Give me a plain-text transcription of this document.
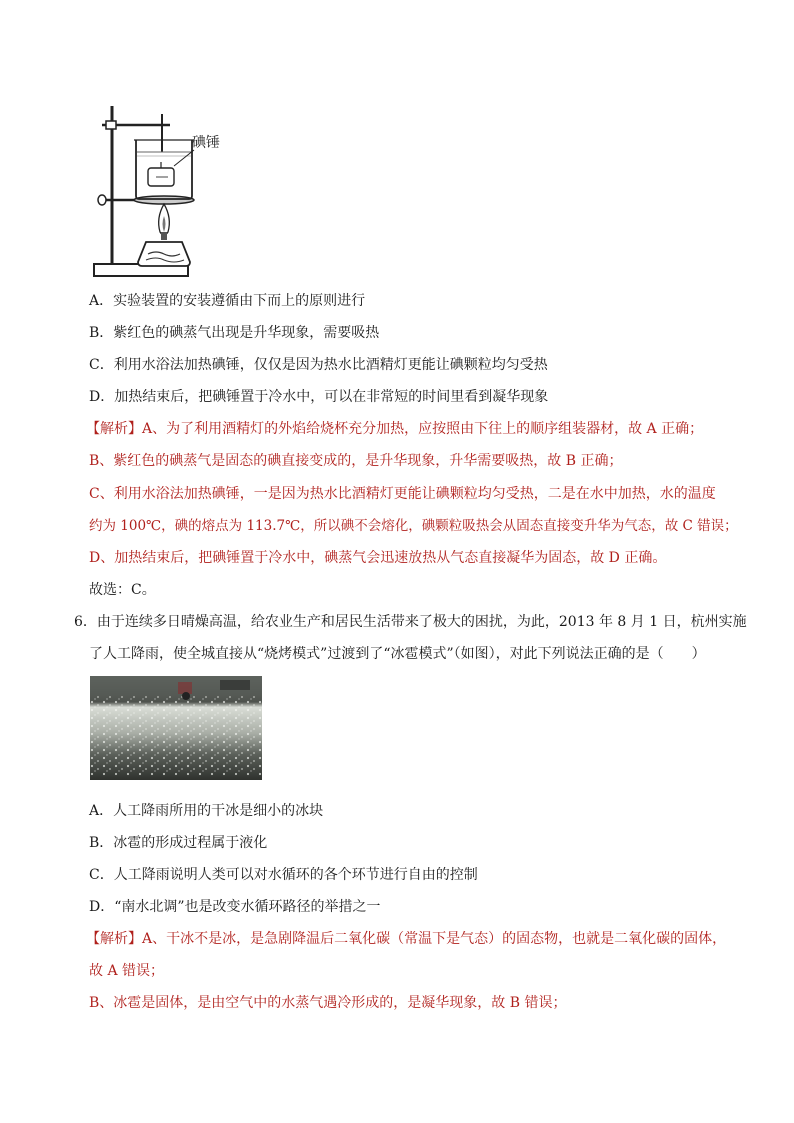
碘锤
A．实验装置的安装遵循由下而上的原则进行
B．紫红色的碘蒸气出现是升华现象，需要吸热
C．利用水浴法加热碘锤，仅仅是因为热水比酒精灯更能让碘颗粒均匀受热
D．加热结束后，把碘锤置于冷水中，可以在非常短的时间里看到凝华现象
【解析】A、为了利用酒精灯的外焰给烧杯充分加热，应按照由下往上的顺序组装器材，故 A 正确；
B、紫红色的碘蒸气是固态的碘直接变成的，是升华现象，升华需要吸热，故 B 正确；
C、利用水浴法加热碘锤，一是因为热水比酒精灯更能让碘颗粒均匀受热，二是在水中加热，水的温度
约为 100℃，碘的熔点为 113.7℃，所以碘不会熔化，碘颗粒吸热会从固态直接变升华为气态，故 C 错误；
D、加热结束后，把碘锤置于冷水中，碘蒸气会迅速放热从气态直接凝华为固态，故 D 正确。
故选：C。
6．由于连续多日晴燥高温，给农业生产和居民生活带来了极大的困扰，为此，2013 年 8 月 1 日，杭州实施
了人工降雨，使全城直接从“烧烤模式”过渡到了“冰雹模式”（如图），对此下列说法正确的是（　　）
A．人工降雨所用的干冰是细小的冰块
B．冰雹的形成过程属于液化
C．人工降雨说明人类可以对水循环的各个环节进行自由的控制
D．“南水北调”也是改变水循环路径的举措之一
【解析】A、干冰不是冰，是急剧降温后二氧化碳（常温下是气态）的固态物，也就是二氧化碳的固体，
故 A 错误；
B、冰雹是固体，是由空气中的水蒸气遇冷形成的，是凝华现象，故 B 错误；
